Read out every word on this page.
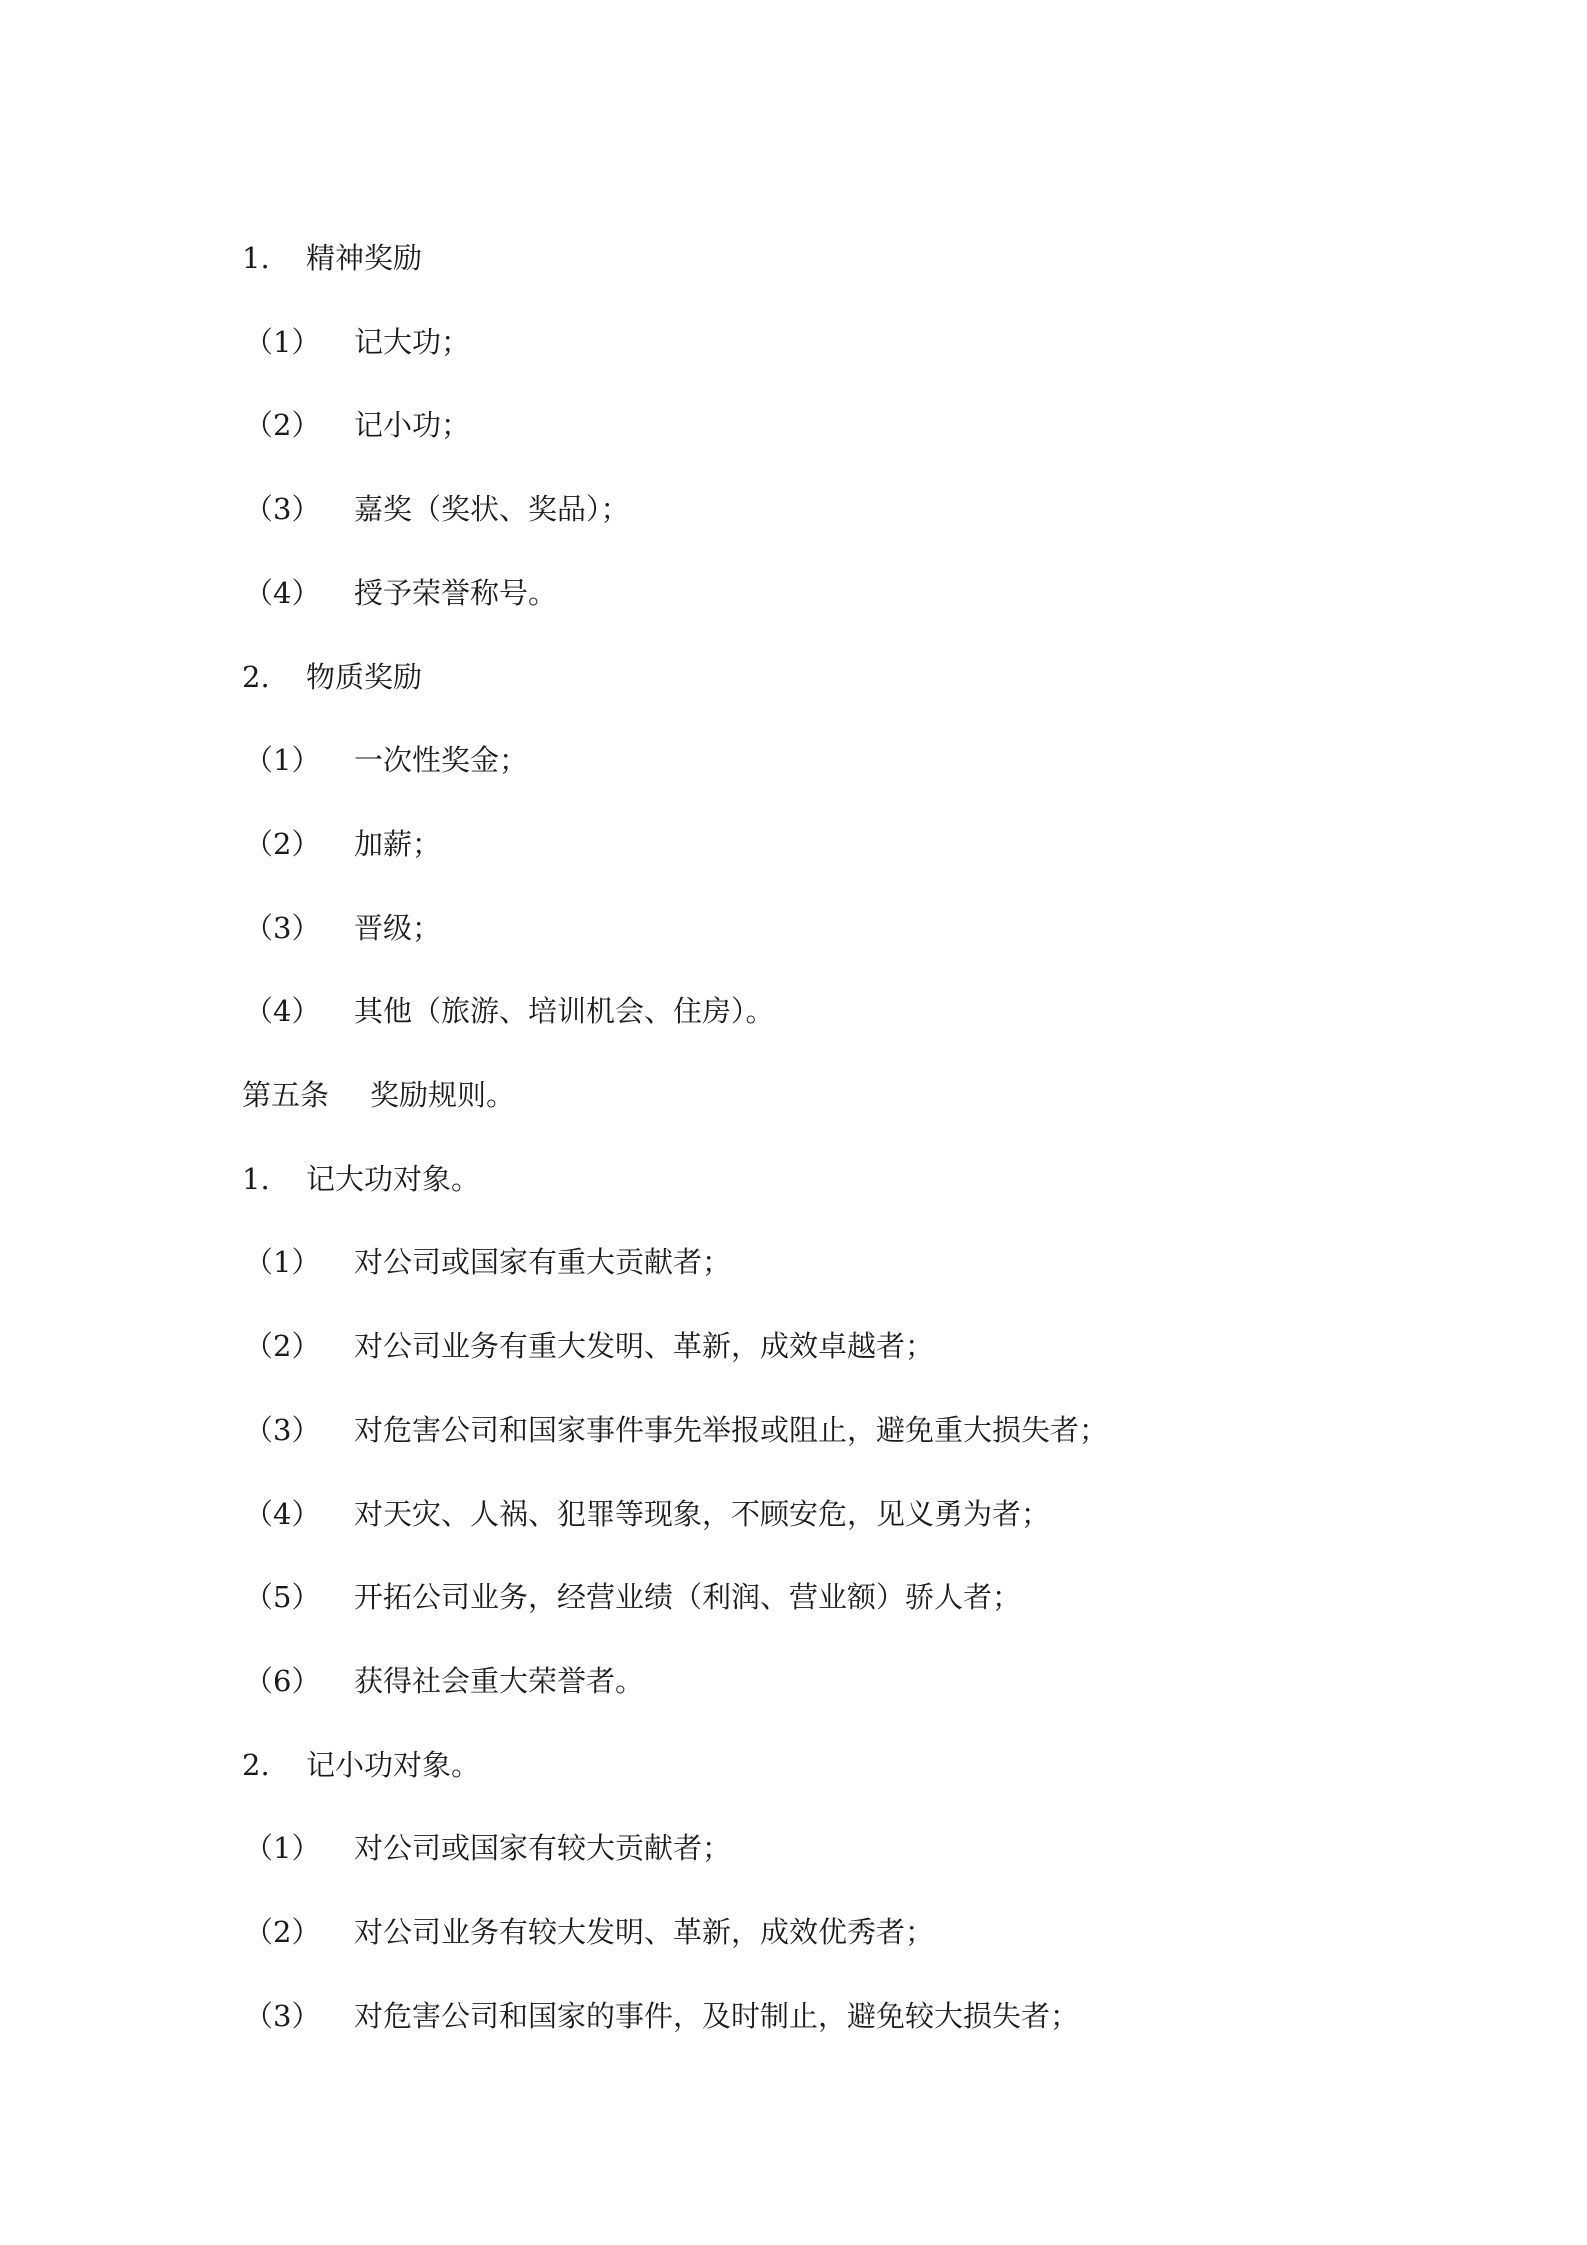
1. 精神奖励
（1） 记大功；
（2） 记小功；
（3） 嘉奖（奖状、奖品）；
（4） 授予荣誉称号。
2. 物质奖励
（1） 一次性奖金；
（2） 加薪；
（3） 晋级；
（4） 其他（旅游、培训机会、住房）。
第五条 奖励规则。
1. 记大功对象。
（1） 对公司或国家有重大贡献者；
（2） 对公司业务有重大发明、革新，成效卓越者；
（3） 对危害公司和国家事件事先举报或阻止，避免重大损失者；
（4） 对天灾、人祸、犯罪等现象，不顾安危，见义勇为者；
（5） 开拓公司业务，经营业绩（利润、营业额）骄人者；
（6） 获得社会重大荣誉者。
2. 记小功对象。
（1） 对公司或国家有较大贡献者；
（2） 对公司业务有较大发明、革新，成效优秀者；
（3） 对危害公司和国家的事件，及时制止，避免较大损失者；
